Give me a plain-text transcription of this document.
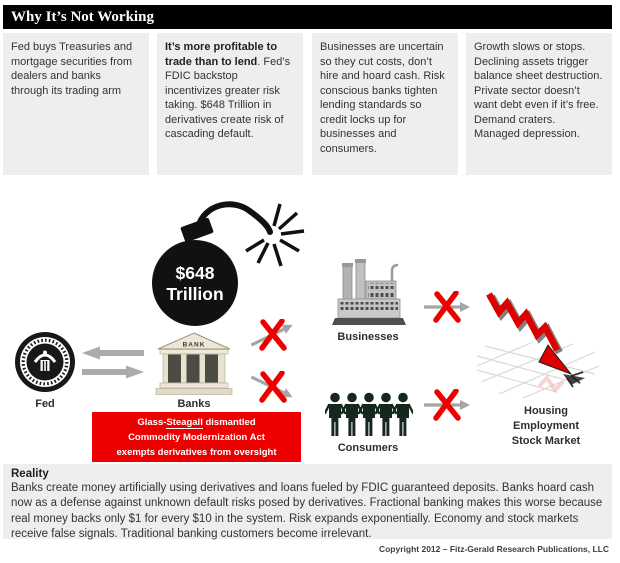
Why It’s Not Working
Fed buys Treasuries and mortgage securities from dealers and banks through its trading arm
It’s more profitable to trade than to lend. Fed’s FDIC backstop incentivizes greater risk taking. $648 Trillion in derivatives create risk of cascading default.
Businesses are uncertain so they cut costs, don’t hire and hoard cash. Risk conscious banks tighten lending standards so credit locks up for businesses and consumers.
Growth slows or stops. Declining assets trigger balance sheet destruction. Private sector doesn’t want debt even if it’s free. Demand craters. Managed depression.
$648
Trillion
Fed
BANK
Banks
Glass-Steagall dismantled
Commodity Modernization Act
exempts derivatives from oversight
Businesses
Consumers
Housing
Employment
Stock Market
Reality

Banks create money artificially using derivatives and loans fueled by FDIC guaranteed deposits. Banks hoard cash now as a defense against unknown default risks posed by derivatives. Fractional banking makes this worse because real money backs only $1 for every $10 in the system. Risk expands exponentially. Economy and stock markets receive false signals. Traditional banking customers become irrelevant.

Copyright 2012 – Fitz-Gerald Research Publications, LLC
